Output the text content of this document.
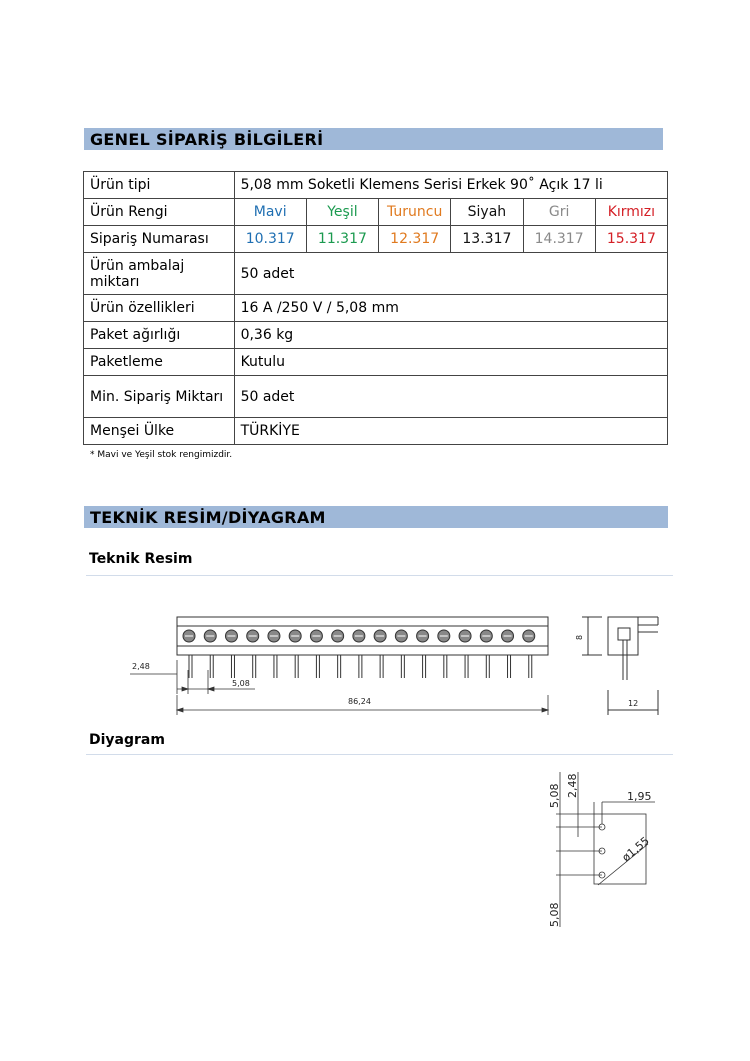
GENEL SİPARİŞ BİLGİLERİ
Ürün tipi	5,08 mm Soketli Klemens Serisi Erkek 90˚ Açık 17 li					
Ürün Rengi	Mavi	Yeşil	Turuncu	Siyah	Gri	Kırmızı
Sipariş Numarası	10.317	11.317	12.317	13.317	14.317	15.317
Ürün ambalaj miktarı	50 adet					
Ürün özellikleri	16 A /250 V / 5,08 mm					
Paket ağırlığı	0,36 kg					
Paketleme	Kutulu					
Min. Sipariş Miktarı	50 adet					
Menşei Ülke	TÜRKİYE					
* Mavi ve Yeşil stok rengimizdir.
TEKNİK RESİM/DİYAGRAM
Teknik Resim
2,48
5,08
86,24
8
12
Diyagram
5,08 2,48	1,95
ø1,55
5,08
